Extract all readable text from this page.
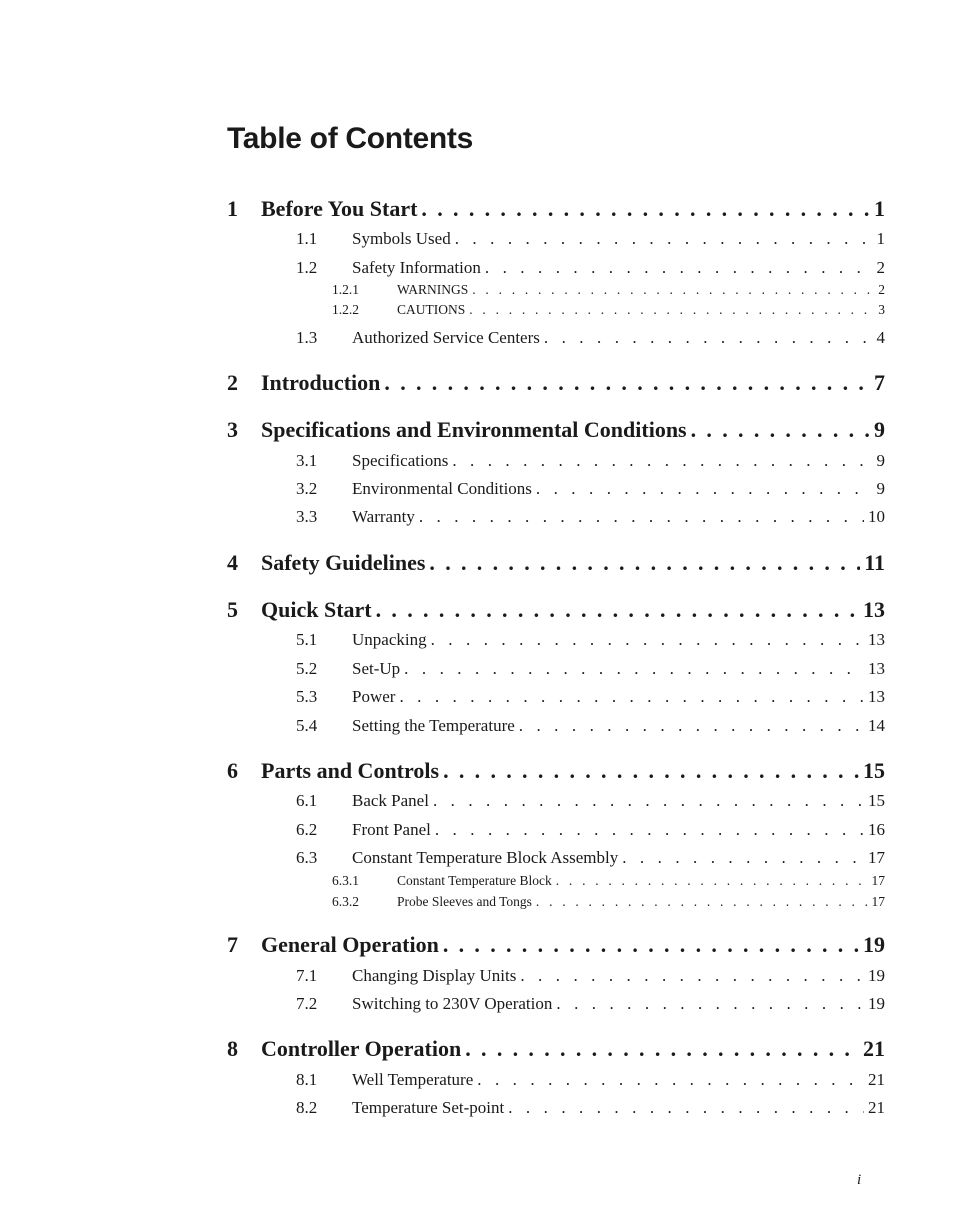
Table of Contents
1	Before You Start . . .	1
1.1	Symbols Used . . .	1
1.2	Safety Information . . .	2
1.2.1	WARNINGS . . .	2
1.2.2	CAUTIONS . . .	3
1.3	Authorized Service Centers . . .	4
2	Introduction . . .	7
3	Specifications and Environmental Conditions . . .	9
3.1	Specifications . . .	9
3.2	Environmental Conditions . . .	9
3.3	Warranty . . .	10
4	Safety Guidelines . . .	11
5	Quick Start . . .	13
5.1	Unpacking . . .	13
5.2	Set-Up . . .	13
5.3	Power . . .	13
5.4	Setting the Temperature . . .	14
6	Parts and Controls . . .	15
6.1	Back Panel . . .	15
6.2	Front Panel . . .	16
6.3	Constant Temperature Block Assembly . . .	17
6.3.1	Constant Temperature Block . . .	17
6.3.2	Probe Sleeves and Tongs . . .	17
7	General Operation . . .	19
7.1	Changing Display Units . . .	19
7.2	Switching to 230V Operation . . .	19
8	Controller Operation . . .	21
8.1	Well Temperature . . .	21
8.2	Temperature Set-point . . .	21
i
